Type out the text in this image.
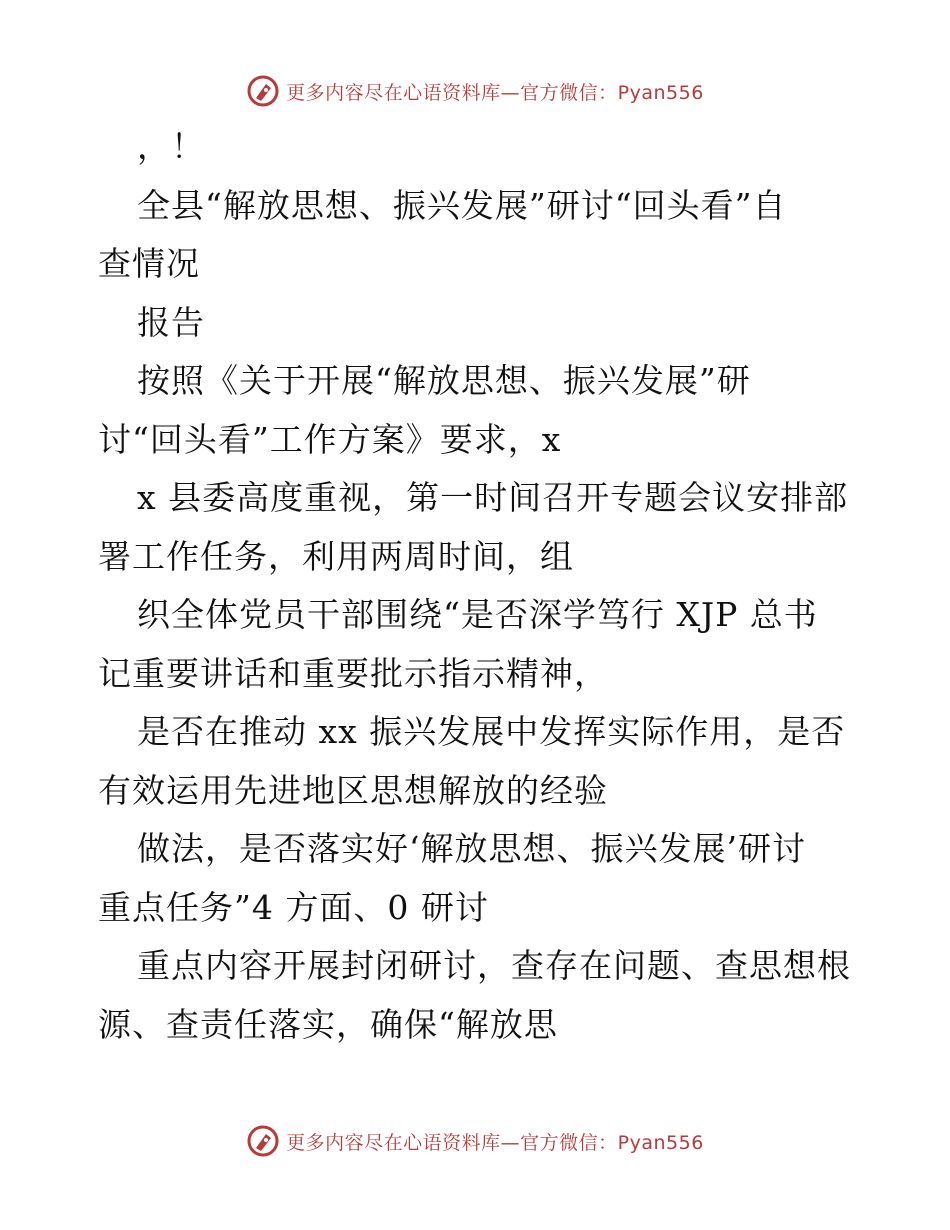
更多内容尽在心语资料库—官方微信：Pyan556
，！
全县“解放思想、振兴发展”研讨“回头看”自
查情况
报告
按照《关于开展“解放思想、振兴发展”研
讨“回头看”工作方案》要求，x
x 县委高度重视，第一时间召开专题会议安排部
署工作任务，利用两周时间，组
织全体党员干部围绕“是否深学笃行 XJP 总书
记重要讲话和重要批示指示精神，
是否在推动 xx 振兴发展中发挥实际作用，是否
有效运用先进地区思想解放的经验
做法，是否落实好‘解放思想、振兴发展’研讨
重点任务”4 方面、0 研讨
重点内容开展封闭研讨，查存在问题、查思想根
源、查责任落实，确保“解放思
更多内容尽在心语资料库—官方微信：Pyan556
